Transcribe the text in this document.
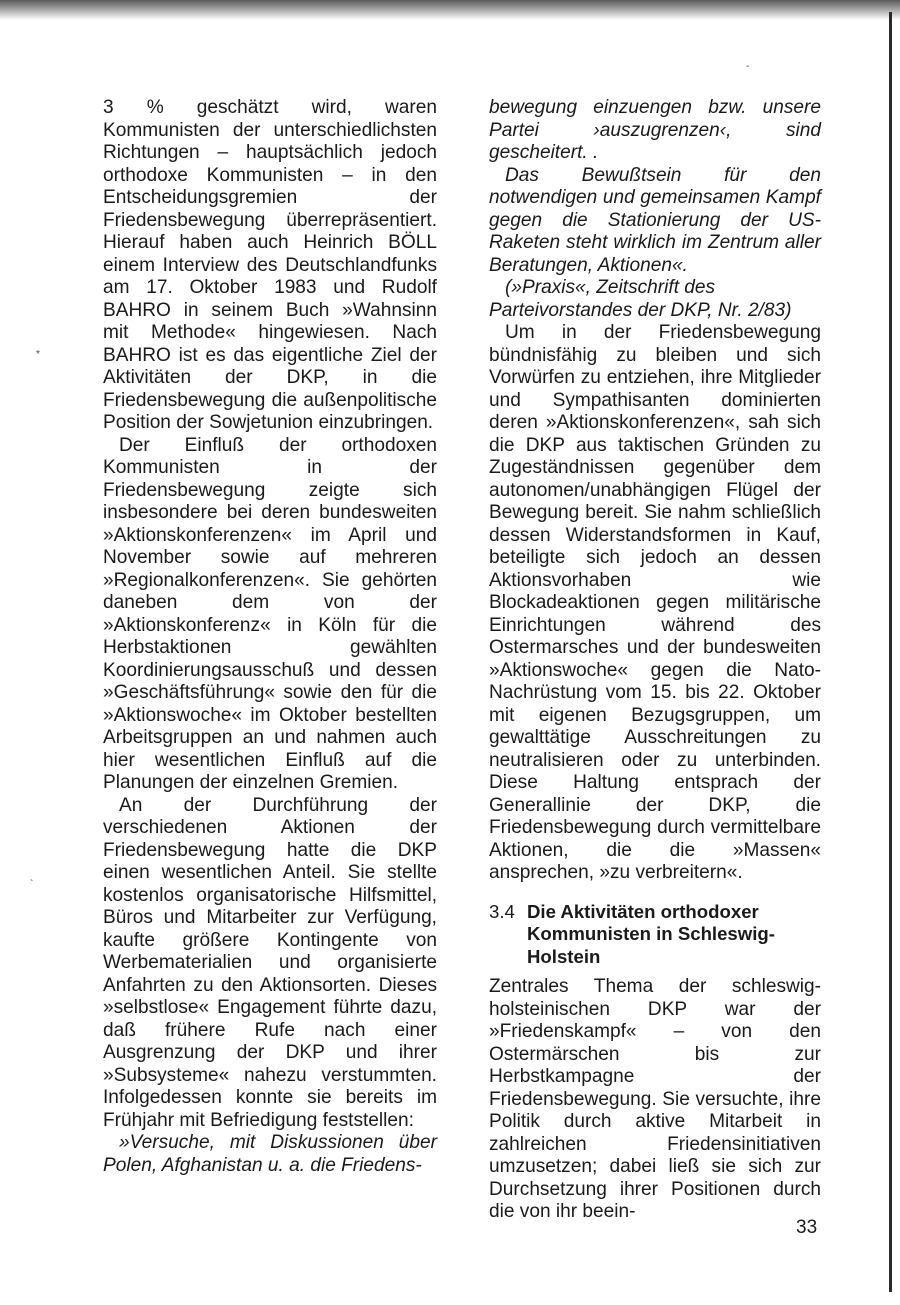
-
*
`

3 % geschätzt wird, waren Kommunisten der unterschiedlichsten Richtungen – hauptsächlich jedoch orthodoxe Kommunisten – in den Entscheidungsgremien der Friedensbewegung überrepräsentiert. Hierauf haben auch Heinrich BÖLL einem Interview des Deutschlandfunks am 17. Oktober 1983 und Rudolf BAHRO in seinem Buch »Wahnsinn mit Methode« hingewiesen. Nach BAHRO ist es das eigentliche Ziel der Aktivitäten der DKP, in die Friedensbewegung die außenpolitische Position der Sowjetunion einzubringen.

Der Einfluß der orthodoxen Kommunisten in der Friedensbewegung zeigte sich insbesondere bei deren bundesweiten »Aktionskonferenzen« im April und November sowie auf mehreren »Regionalkonferenzen«. Sie gehörten daneben dem von der »Aktionskonferenz« in Köln für die Herbstaktionen gewählten Koordinierungsausschuß und dessen »Geschäftsführung« sowie den für die »Aktionswoche« im Oktober bestellten Arbeitsgruppen an und nahmen auch hier wesentlichen Einfluß auf die Planungen der einzelnen Gremien.

An der Durchführung der verschiedenen Aktionen der Friedensbewegung hatte die DKP einen wesentlichen Anteil. Sie stellte kostenlos organisatorische Hilfsmittel, Büros und Mitarbeiter zur Verfügung, kaufte größere Kontingente von Werbematerialien und organisierte Anfahrten zu den Aktionsorten. Dieses »selbstlose« Engagement führte dazu, daß frühere Rufe nach einer Ausgrenzung der DKP und ihrer »Subsysteme« nahezu verstummten. Infolgedessen konnte sie bereits im Frühjahr mit Befriedigung feststellen:

»Versuche, mit Diskussionen über Polen, Afghanistan u. a. die Friedens-

bewegung einzuengen bzw. unsere Partei ›auszugrenzen‹, sind gescheitert. .

Das Bewußtsein für den notwendigen und gemeinsamen Kampf gegen die Stationierung der US-Raketen steht wirklich im Zentrum aller Beratungen, Aktionen«.

(»Praxis«, Zeitschrift des Parteivorstandes der DKP, Nr. 2/83)

Um in der Friedensbewegung bündnisfähig zu bleiben und sich Vorwürfen zu entziehen, ihre Mitglieder und Sympathisanten dominierten deren »Aktionskonferenzen«, sah sich die DKP aus taktischen Gründen zu Zugeständnissen gegenüber dem autonomen/unabhängigen Flügel der Bewegung bereit. Sie nahm schließlich dessen Widerstandsformen in Kauf, beteiligte sich jedoch an dessen Aktionsvorhaben wie Blockadeaktionen gegen militärische Einrichtungen während des Ostermarsches und der bundesweiten »Aktionswoche« gegen die Nato-Nachrüstung vom 15. bis 22. Oktober mit eigenen Bezugsgruppen, um gewalttätige Ausschreitungen zu neutralisieren oder zu unterbinden. Diese Haltung entsprach der Generallinie der DKP, die Friedensbewegung durch vermittelbare Aktionen, die die »Massen« ansprechen, »zu verbreitern«.

3.4 Die Aktivitäten orthodoxer Kommunisten in Schleswig-Holstein

Zentrales Thema der schleswig-holsteinischen DKP war der »Friedenskampf« – von den Ostermärschen bis zur Herbstkampagne der Friedensbewegung. Sie versuchte, ihre Politik durch aktive Mitarbeit in zahlreichen Friedensinitiativen umzusetzen; dabei ließ sie sich zur Durchsetzung ihrer Positionen durch die von ihr beein-

33
